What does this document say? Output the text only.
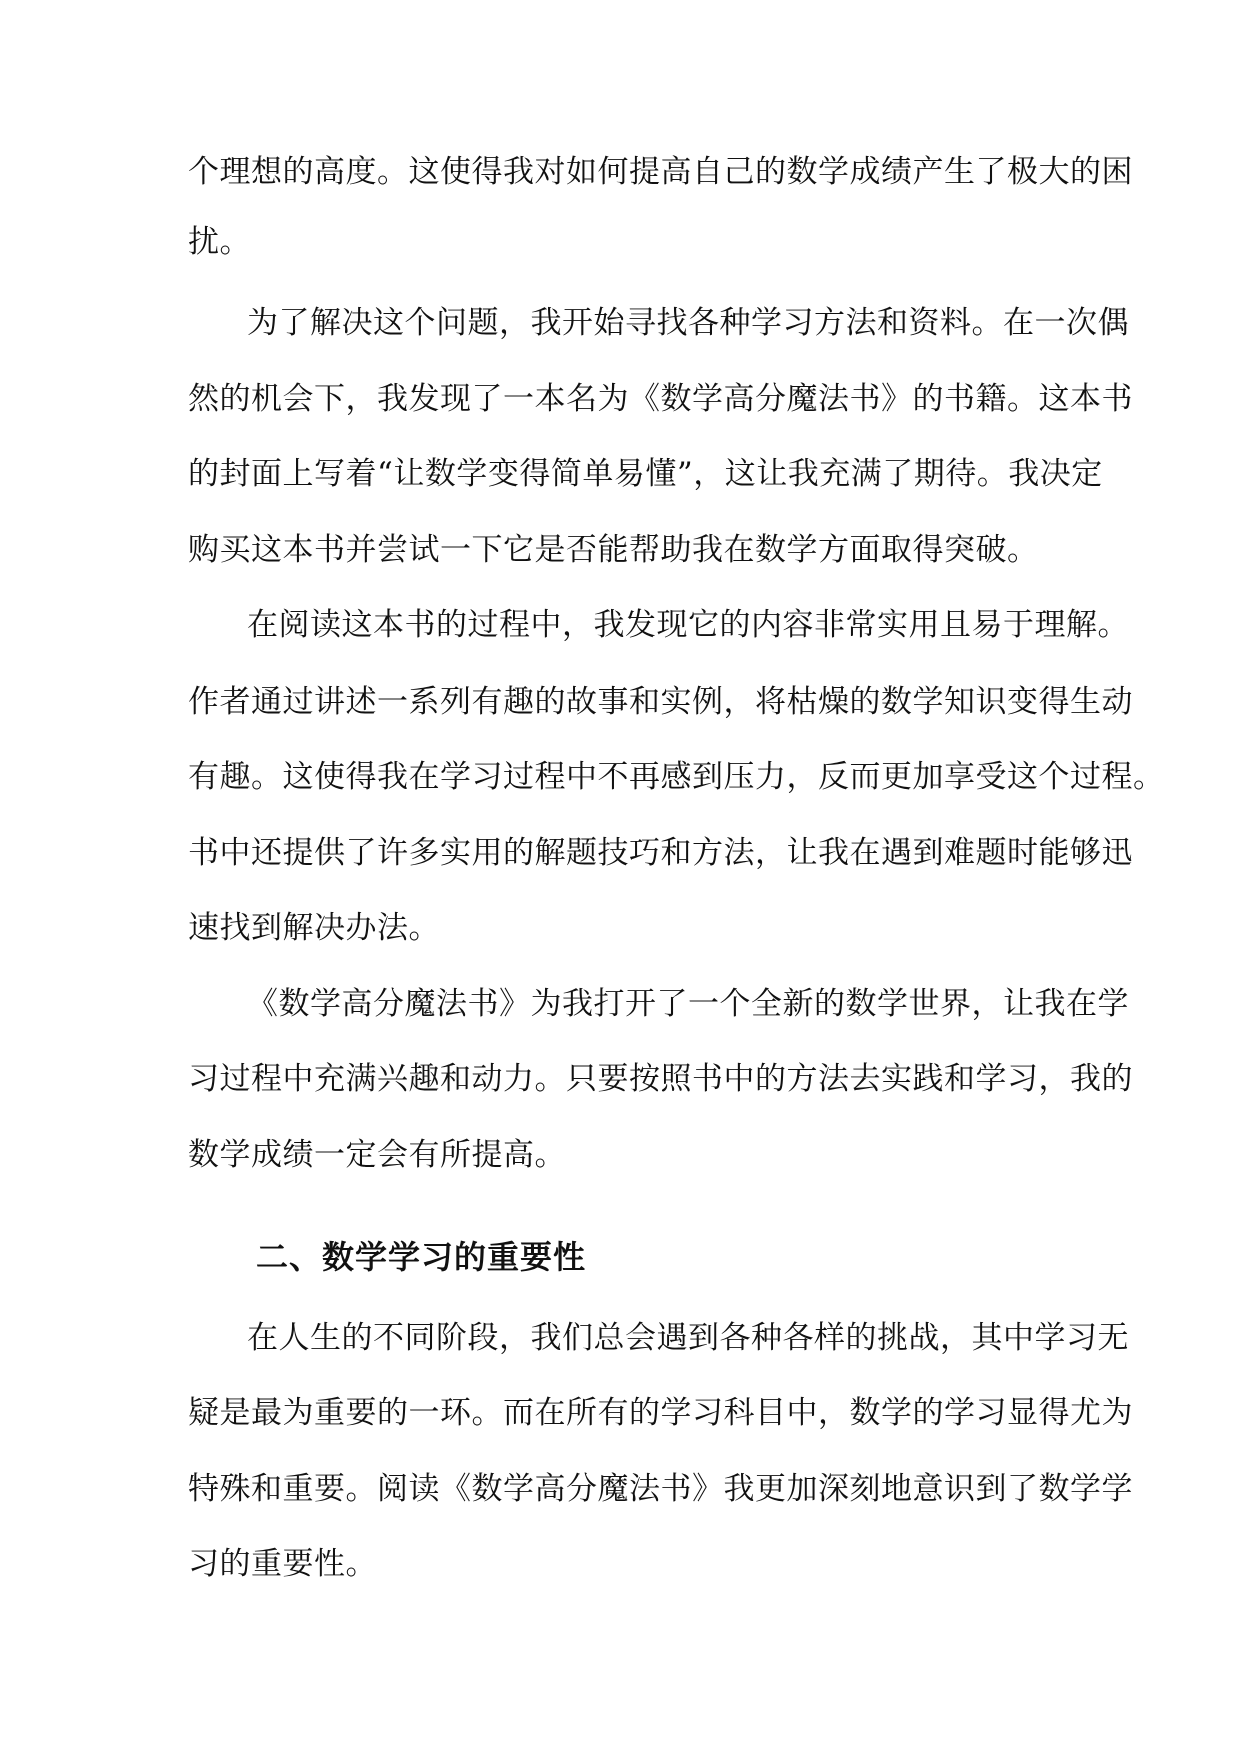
个理想的高度。这使得我对如何提高自己的数学成绩产生了极大的困
扰。
为了解决这个问题，我开始寻找各种学习方法和资料。在一次偶
然的机会下，我发现了一本名为《数学高分魔法书》的书籍。这本书
的封面上写着“让数学变得简单易懂”，这让我充满了期待。我决定
购买这本书并尝试一下它是否能帮助我在数学方面取得突破。
在阅读这本书的过程中，我发现它的内容非常实用且易于理解。
作者通过讲述一系列有趣的故事和实例，将枯燥的数学知识变得生动
有趣。这使得我在学习过程中不再感到压力，反而更加享受这个过程。
书中还提供了许多实用的解题技巧和方法，让我在遇到难题时能够迅
速找到解决办法。
《数学高分魔法书》为我打开了一个全新的数学世界，让我在学
习过程中充满兴趣和动力。只要按照书中的方法去实践和学习，我的
数学成绩一定会有所提高。
二、数学学习的重要性
在人生的不同阶段，我们总会遇到各种各样的挑战，其中学习无
疑是最为重要的一环。而在所有的学习科目中，数学的学习显得尤为
特殊和重要。阅读《数学高分魔法书》我更加深刻地意识到了数学学
习的重要性。
